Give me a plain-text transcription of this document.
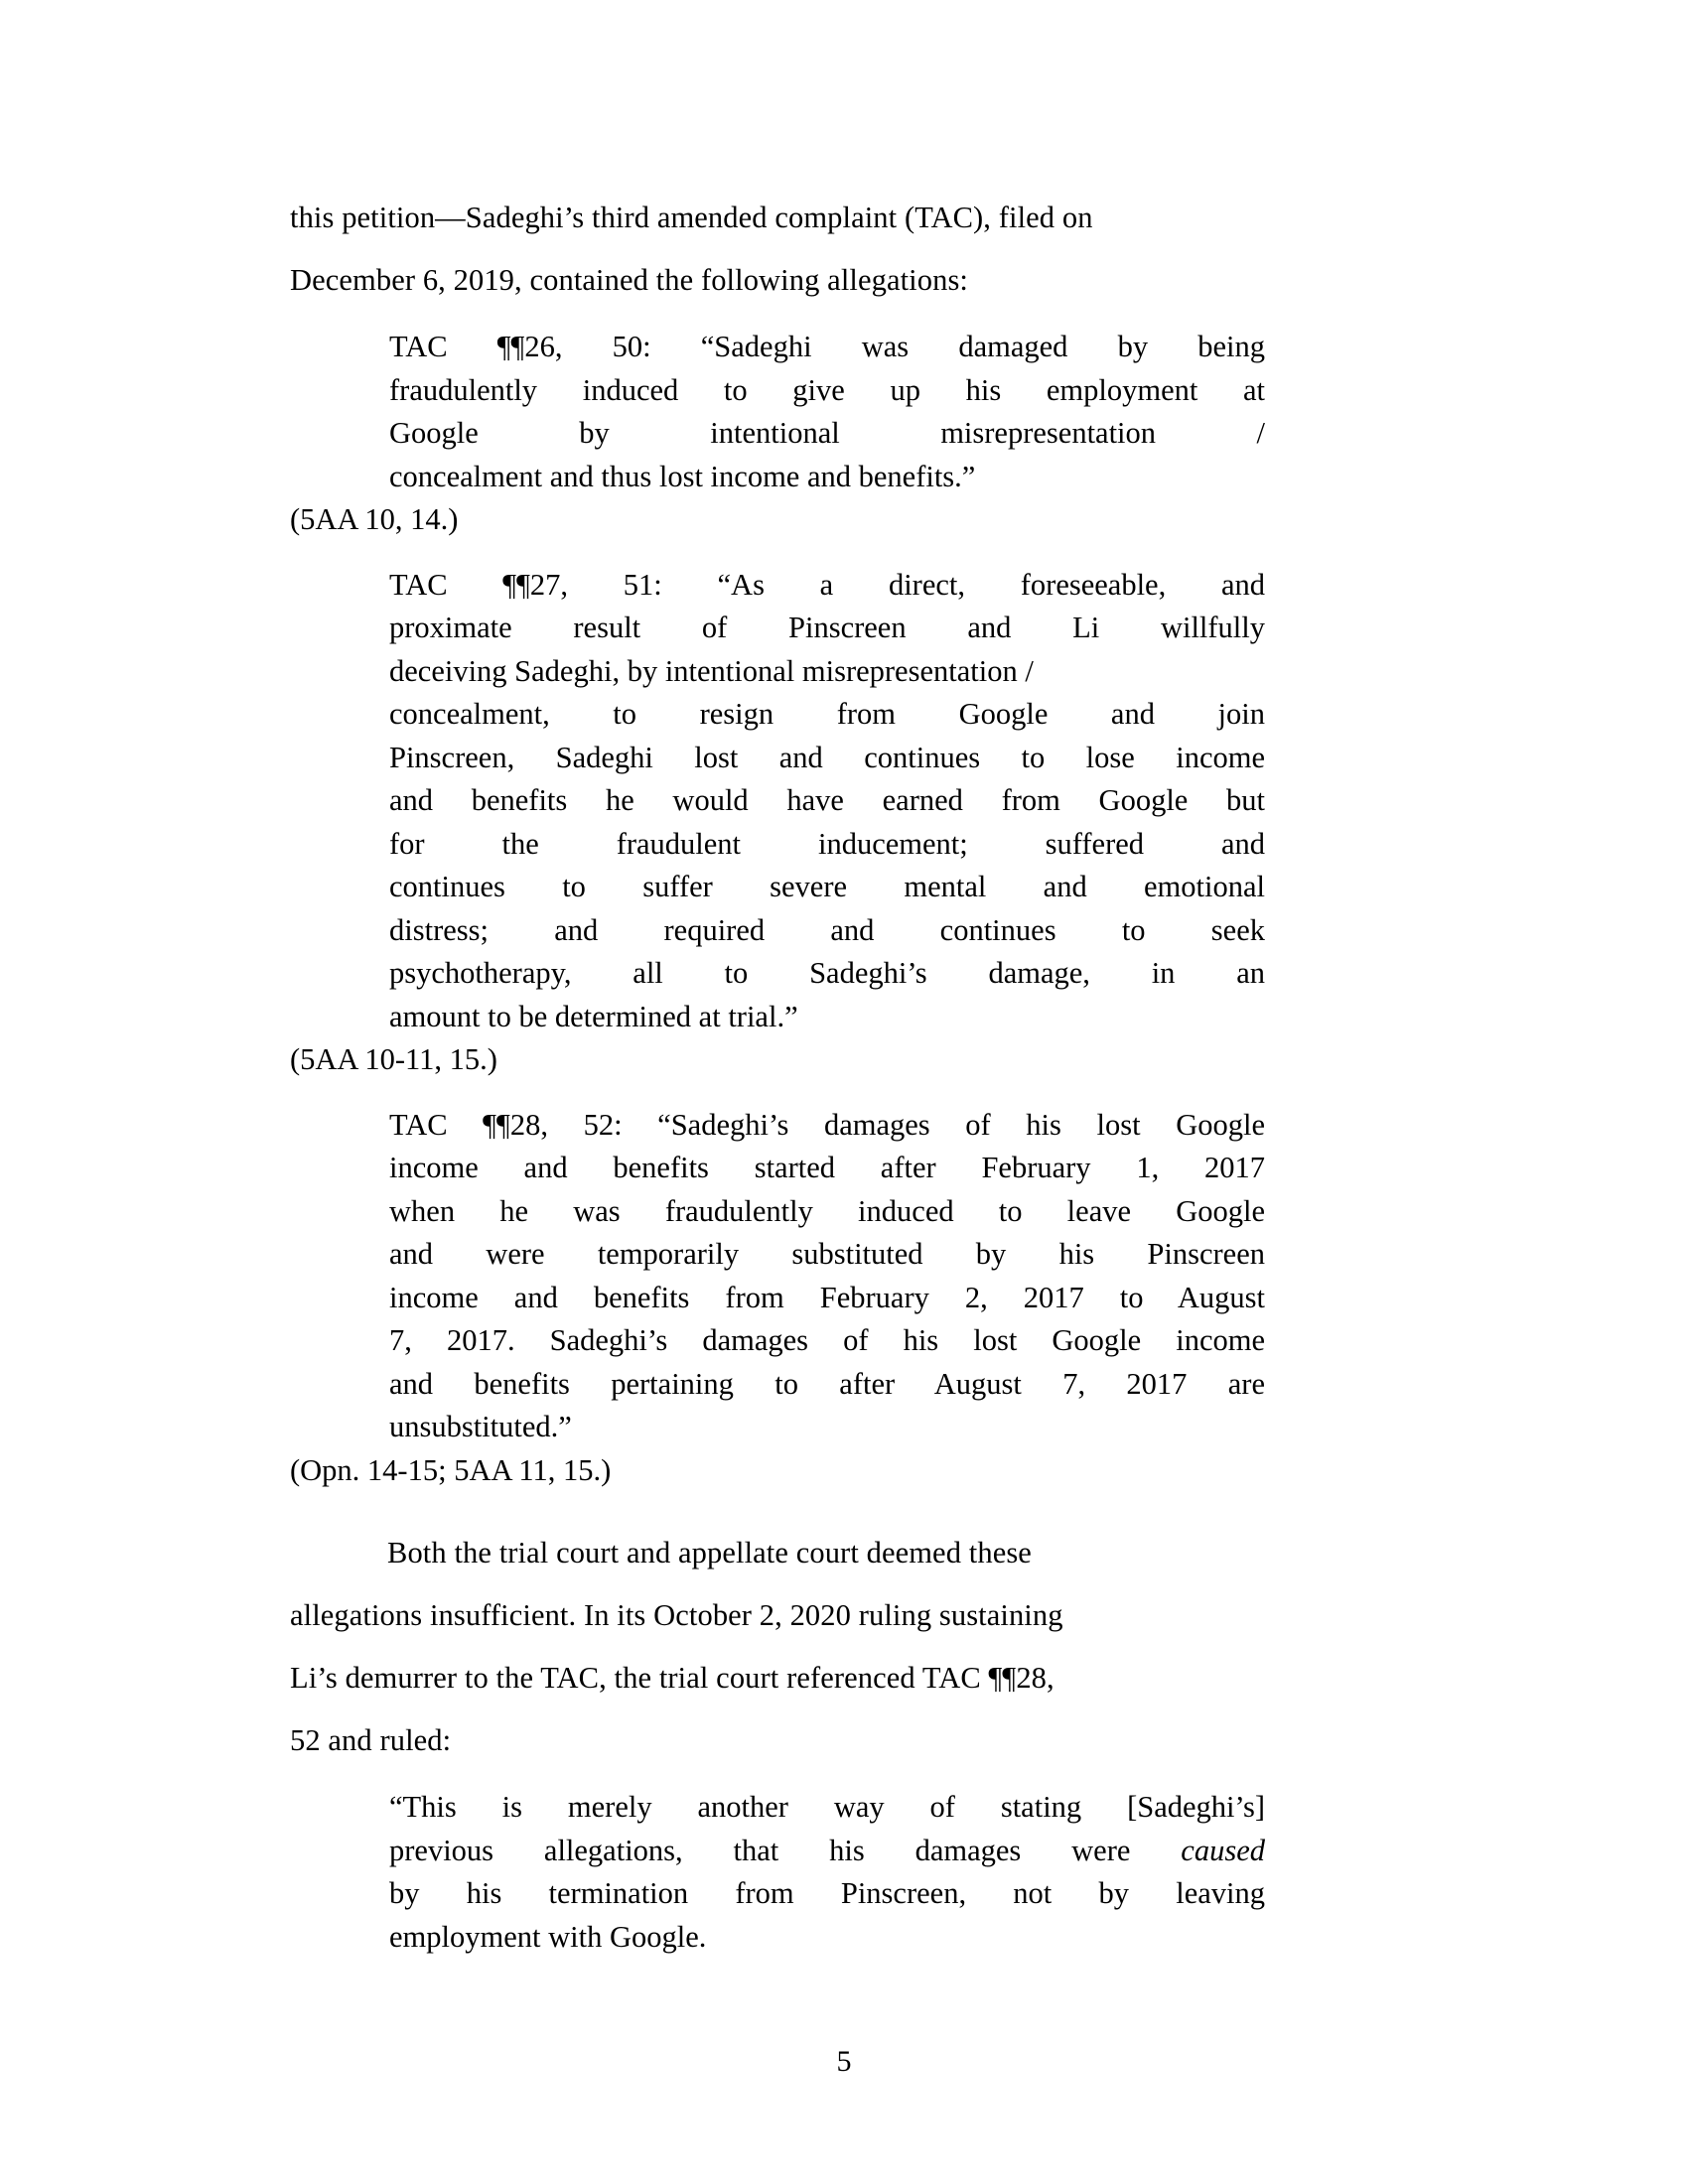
this petition—Sadeghi’s third amended complaint (TAC), filed on
December 6, 2019, contained the following allegations:

TAC ¶¶26, 50: “Sadeghi was damaged by being
fraudulently induced to give up his employment at
Google by intentional misrepresentation /
concealment and thus lost income and benefits.”

(5AA 10, 14.)

TAC ¶¶27, 51: “As a direct, foreseeable, and
proximate result of Pinscreen and Li willfully
deceiving Sadeghi, by intentional misrepresentation /
concealment, to resign from Google and join
Pinscreen, Sadeghi lost and continues to lose income
and benefits he would have earned from Google but
for the fraudulent inducement; suffered and
continues to suffer severe mental and emotional
distress; and required and continues to seek
psychotherapy, all to Sadeghi’s damage, in an
amount to be determined at trial.”

(5AA 10-11, 15.)

TAC ¶¶28, 52: “Sadeghi’s damages of his lost Google
income and benefits started after February 1, 2017
when he was fraudulently induced to leave Google
and were temporarily substituted by his Pinscreen
income and benefits from February 2, 2017 to August
7, 2017. Sadeghi’s damages of his lost Google income
and benefits pertaining to after August 7, 2017 are
unsubstituted.”

(Opn. 14-15; 5AA 11, 15.)

Both the trial court and appellate court deemed these
allegations insufficient. In its October 2, 2020 ruling sustaining
Li’s demurrer to the TAC, the trial court referenced TAC ¶¶28,
52 and ruled:

“This is merely another way of stating [Sadeghi’s]
previous allegations, that his damages were caused
by his termination from Pinscreen, not by leaving
employment with Google.
5
